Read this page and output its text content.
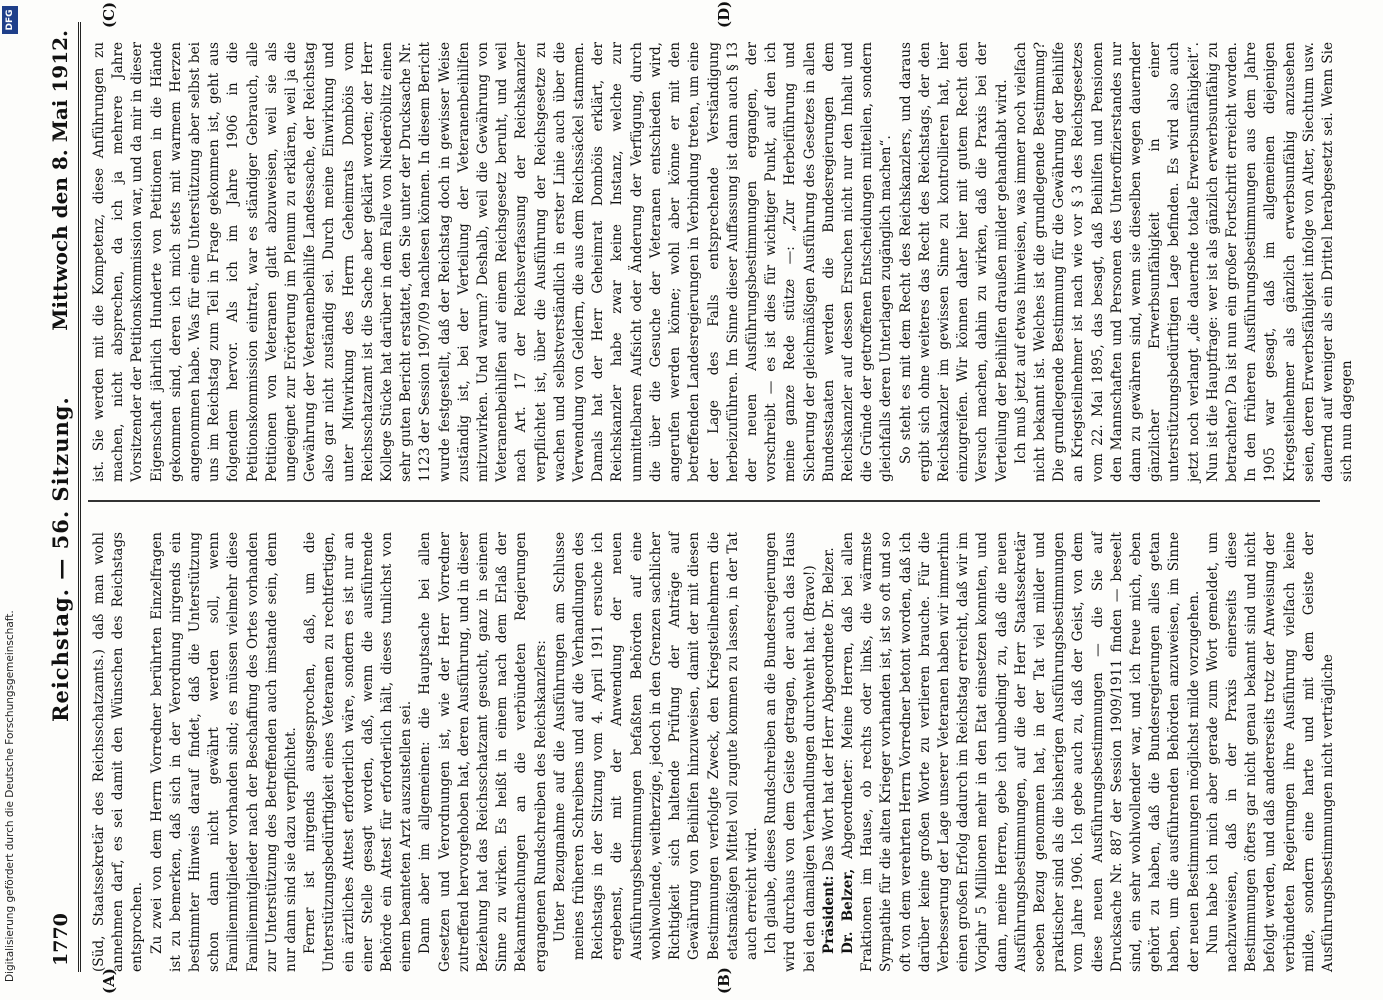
1770
Reichstag. — 56. Sitzung.
Mittwoch den 8. Mai 1912.
(A)	(B)
(C)	(D)

(Süd, Staatssekretär des Reichsschatzamts.) daß man wohl annehmen darf, es sei damit den Wünschen des Reichstags entsprochen. Zu zwei von dem Herrn Vorredner berührten Einzelfragen ist zu bemerken, daß sich in der Verordnung nirgends ein bestimmter Hinweis darauf findet, daß die Unterstützung schon dann nicht gewährt werden soll, wenn Familienmitglieder vorhanden sind; es müssen vielmehr diese Familienmitglieder nach der Beschaffung des Ortes vorhanden zur Unterstützung des Betreffenden auch imstande sein, denn nur dann sind sie dazu verpflichtet. Ferner ist nirgends ausgesprochen, daß, um die Unterstützungsbedürftigkeit eines Veteranen zu rechtfertigen, ein ärztliches Attest erforderlich wäre, sondern es ist nur an einer Stelle gesagt worden, daß, wenn die ausführende Behörde ein Attest für erforderlich hält, dieses tunlichst von einem beamteten Arzt auszustellen sei. Dann aber im allgemeinen: die Hauptsache bei allen Gesetzen und Verordnungen ist, wie der Herr Vorredner zutreffend hervorgehoben hat, deren Ausführung, und in dieser Beziehung hat das Reichsschatzamt gesucht, ganz in seinem Sinne zu wirken. Es heißt in einem nach dem Erlaß der Bekanntmachungen an die verbündeten Regierungen ergangenen Rundschreiben des Reichskanzlers: Unter Bezugnahme auf die Ausführungen am Schlusse meines früheren Schreibens und auf die Verhandlungen des Reichstags in der Sitzung vom 4. April 1911 ersuche ich ergebenst, die mit der Anwendung der neuen Ausführungsbestimmungen befaßten Behörden auf eine wohlwollende, weitherzige, jedoch in den Grenzen sachlicher Richtigkeit sich haltende Prüfung der Anträge auf Gewährung von Beihilfen hinzuweisen, damit der mit diesen Bestimmungen verfolgte Zweck, den Kriegsteilnehmern die etatsmäßigen Mittel voll zugute kommen zu lassen, in der Tat auch erreicht wird. Ich glaube, dieses Rundschreiben an die Bundesregierungen wird durchaus von dem Geiste getragen, der auch das Haus bei den damaligen Verhandlungen durchweht hat. (Bravo!) Präsident: Das Wort hat der Herr Abgeordnete Dr. Belzer.

Dr. Belzer, Abgeordneter: Meine Herren, daß bei allen Fraktionen im Hause, ob rechts oder links, die wärmste Sympathie für die alten Krieger vorhanden ist, ist so oft und so oft von dem verehrten Herrn Vorredner betont worden, daß ich darüber keine großen Worte zu verlieren brauche. Für die Verbesserung der Lage unserer Veteranen haben wir immerhin einen großen Erfolg dadurch im Reichstag erreicht, daß wir im Vorjahr 5 Millionen mehr in den Etat einsetzen konnten, und dann, meine Herren, gebe ich unbedingt zu, daß die neuen Ausführungsbestimmungen, auf die der Herr Staatssekretär soeben Bezug genommen hat, in der Tat viel milder und praktischer sind als die bisherigen Ausführungsbestimmungen vom Jahre 1906. Ich gebe auch zu, daß der Geist, von dem diese neuen Ausführungsbestimmungen — die Sie auf Drucksache Nr. 887 der Session 1909/1911 finden — beseelt sind, ein sehr wohlwollender war, und ich freue mich, eben gehört zu haben, daß die Bundesregierungen alles getan haben, um die ausführenden Behörden anzuweisen, im Sinne der neuen Bestimmungen möglichst milde vorzugehen. Nun habe ich mich aber gerade zum Wort gemeldet, um nachzuweisen, daß in der Praxis einerseits diese Bestimmungen öfters gar nicht genau bekannt sind und nicht befolgt werden, und daß andererseits trotz der Anweisung der verbündeten Regierungen ihre Ausführung vielfach keine milde, sondern eine harte und mit dem Geiste der Ausführungsbestimmungen nicht verträgliche

ist. Sie werden mit die Kompetenz, diese Anführungen zu machen, nicht absprechen, da ich ja mehrere Jahre Vorsitzender der Petitionskommission war, und da mir in dieser Eigenschaft jährlich Hunderte von Petitionen in die Hände gekommen sind, deren ich mich stets mit warmem Herzen angenommen habe. Was für eine Unterstützung aber selbst bei uns im Reichstag zum Teil in Frage gekommen ist, geht aus folgendem hervor. Als ich im Jahre 1906 in die Petitionskommission eintrat, war es ständiger Gebrauch, alle Petitionen von Veteranen glatt abzuweisen, weil sie als ungeeignet zur Erörterung im Plenum zu erklären, weil ja die Gewährung der Veteranenbeihilfe Landessache, der Reichstag also gar nicht zuständig sei. Durch meine Einwirkung und unter Mitwirkung des Herrn Geheimrats Domböis vom Reichsschatzamt ist die Sache aber geklärt worden; der Herr Kollege Stücke hat darüber in dem Falle von Niederöblitz einen sehr guten Bericht erstattet, den Sie unter der Drucksache Nr. 1123 der Session 1907/09 nachlesen können. In diesem Bericht wurde festgestellt, daß der Reichstag doch in gewisser Weise zuständig ist, bei der Verteilung der Veteranenbeihilfen mitzuwirken. Und warum? Deshalb, weil die Gewährung von Veteranenbeihilfen auf einem Reichsgesetz beruht, und weil nach Art. 17 der Reichsverfassung der Reichskanzler verpflichtet ist, über die Ausführung der Reichsgesetze zu wachen und selbstverständlich in erster Linie auch über die Verwendung von Geldern, die aus dem Reichssäckel stammen. Damals hat der Herr Geheimrat Domböis erklärt, der Reichskanzler habe zwar keine Instanz, welche zur unmittelbaren Aufsicht oder Änderung der Verfügung, durch die über die Gesuche der Veteranen entschieden wird, angerufen werden könne; wohl aber könne er mit den betreffenden Landesregierungen in Verbindung treten, um eine der Lage des Falls entsprechende Verständigung herbeizuführen. Im Sinne dieser Auffassung ist dann auch § 13 der neuen Ausführungsbestimmungen ergangen, der vorschreibt — es ist dies für wichtiger Punkt, auf den ich meine ganze Rede stütze —: „Zur Herbeiführung und Sicherung der gleichmäßigen Ausführung des Gesetzes in allen Bundesstaaten werden die Bundesregierungen dem Reichskanzler auf dessen Ersuchen nicht nur den Inhalt und die Gründe der getroffenen Entscheidungen mitteilen, sondern gleichfalls deren Unterlagen zugänglich machen“. So steht es mit dem Recht des Reichskanzlers, und daraus ergibt sich ohne weiteres das Recht des Reichstags, der den Reichskanzler im gewissen Sinne zu kontrollieren hat, hier einzugreifen. Wir können daher hier mit gutem Recht den Versuch machen, dahin zu wirken, daß die Praxis bei der Verteilung der Beihilfen draußen milder gehandhabt wird. Ich muß jetzt auf etwas hinweisen, was immer noch vielfach nicht bekannt ist. Welches ist die grundlegende Bestimmung? Die grundlegende Bestimmung für die Gewährung der Beihilfe an Kriegsteilnehmer ist nach wie vor § 3 des Reichsgesetzes vom 22. Mai 1895, das besagt, daß Beihilfen und Pensionen den Mannschaften und Personen des Unteroffizierstandes nur dann zu gewähren sind, wenn sie dieselben wegen dauernder gänzlicher Erwerbsunfähigkeit in einer unterstützungsbedürftigen Lage befinden. Es wird also auch jetzt noch verlangt „die dauernde totale Erwerbsunfähigkeit“. Nun ist die Hauptfrage: wer ist als gänzlich erwerbsunfähig zu betrachten? Da ist nun ein großer Fortschritt erreicht worden. In den früheren Ausführungsbestimmungen aus dem Jahre 1905 war gesagt, daß im allgemeinen diejenigen Kriegsteilnehmer als gänzlich erwerbsunfähig anzusehen seien, deren Erwerbsfähigkeit infolge von Alter, Siechtum usw. dauernd auf weniger als ein Drittel herabgesetzt sei. Wenn Sie sich nun dagegen

Digitalisierung gefördert durch die Deutsche Forschungsgemeinschaft.
DFG
